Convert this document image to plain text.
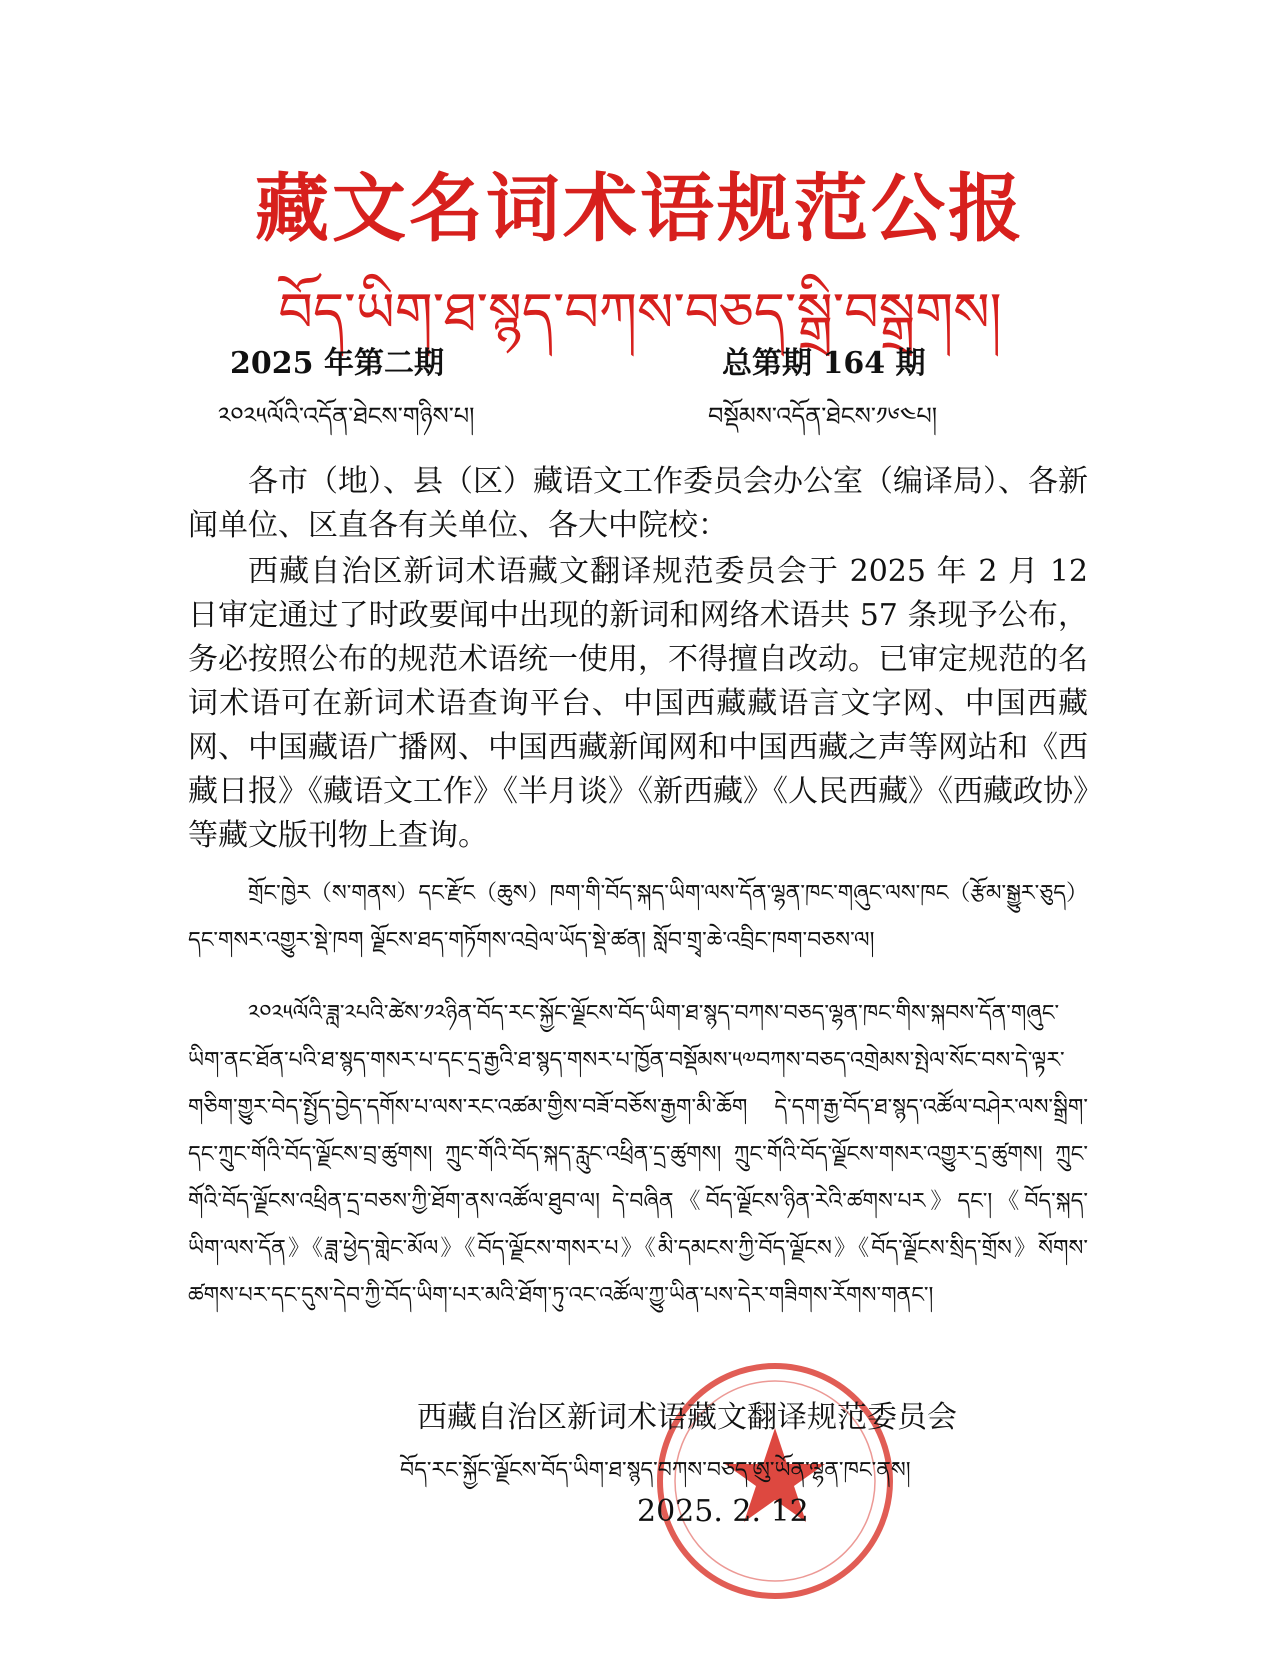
藏文名词术语规范公报
བོད་ཡིག་ཐ་སྙད་བཀས་བཅད་སྒྲི་བསྒྲགས།
2025 年第二期	总第期 164 期
༢༠༢༥ལོའི་འདོན་ཐེངས་གཉིས་པ།	བསྡོམས་འདོན་ཐེངས་༡༦༤པ།

各市（地）、县（区）藏语文工作委员会办公室（编译局）、各新闻单位、区直各有关单位、各大中院校：

西藏自治区新词术语藏文翻译规范委员会于 2025 年 2 月 12 日审定通过了时政要闻中出现的新词和网络术语共 57 条现予公布，务必按照公布的规范术语统一使用，不得擅自改动。已审定规范的名词术语可在新词术语查询平台、中国西藏藏语言文字网、中国西藏网、中国藏语广播网、中国西藏新闻网和中国西藏之声等网站和《西藏日报》《藏语文工作》《半月谈》《新西藏》《人民西藏》《西藏政协》等藏文版刊物上查询。

གྲོང་ཁྱེར（ས་གནས）དང་རྫོང（ཆུས）ཁག་གི་བོད་སྐད་ཡིག་ལས་དོན་ལྷན་ཁང་གཞུང་ལས་ཁང（རྩོམ་སྒྱུར་ཅུད）དང་གསར་འགྱུར་སྡེ་ཁག ལྗོངས་ཐད་གཏོགས་འབྲེལ་ཡོད་སྡེ་ཚན། སློབ་གྲྭ་ཆེ་འབྲིང་ཁག་བཅས་ལ།

༢༠༢༥ལོའི་ཟླ་༢པའི་ཚེས་༡༢ཉིན་བོད་རང་སྐྱོང་ལྗོངས་བོད་ཡིག་ཐ་སྙད་བཀས་བཅད་ལྷན་ཁང་གིས་སྐབས་དོན་གཞུང་ཡིག་ནང་ཐོན་པའི་ཐ་སྙད་གསར་པ་དང་དྲ་རྒྱའི་ཐ་སྙད་གསར་པ་ཁྱོན་བསྡོམས་༥༧བཀས་བཅད་འགྲེམས་སྤེལ་སོང་བས་དེ་ལྟར་གཅིག་གྱུར་བེད་སྤྱོད་བྱེད་དགོས་པ་ལས་རང་འཚམ་གྱིས་བཟོ་བཅོས་རྒྱག་མི་ཆོག དེ་དག་རྒྱ་བོད་ཐ་སྙད་འཚོལ་བཤེར་ལས་སྒྲིག་དང་ཀྲུང་གོའི་བོད་ལྗོངས་བྲ་ཚུགས། ཀྲུང་གོའི་བོད་སྐད་རླུང་འཕྲིན་དྲ་ཚུགས། ཀྲུང་གོའི་བོད་ལྗོངས་གསར་འགྱུར་དྲ་ཚུགས། ཀྲུང་གོའི་བོད་ལྗོངས་འཕྲིན་དྲ་བཅས་ཀྱི་ཐོག་ནས་འཚོལ་ཐུབ་ལ། དེ་བཞིན《བོད་ལྗོངས་ཉིན་རེའི་ཚགས་པར》དང་།《བོད་སྐད་ཡིག་ལས་དོན》《ཟླ་ཕྱེད་གླེང་མོལ》《བོད་ལྗོངས་གསར་པ》《མི་དམངས་ཀྱི་བོད་ལྗོངས》《བོད་ལྗོངས་སྲིད་གྲོས》སོགས་ཚགས་པར་དང་དུས་དེབ་ཀྱི་བོད་ཡིག་པར་མའི་ཐོག་ཏུ་འང་འཚོལ་ཀྱུ་ཡིན་པས་དེར་གཟིགས་རོགས་གནང་།

西藏自治区新词术语藏文翻译规范委员会
བོད་རང་སྐྱོང་ལྗོངས་བོད་ཡིག་ཐ་སྙད་བཀས་བཅད་ཨུ་ཡོན་ལྷན་ཁང་ནས།
2025. 2. 12
